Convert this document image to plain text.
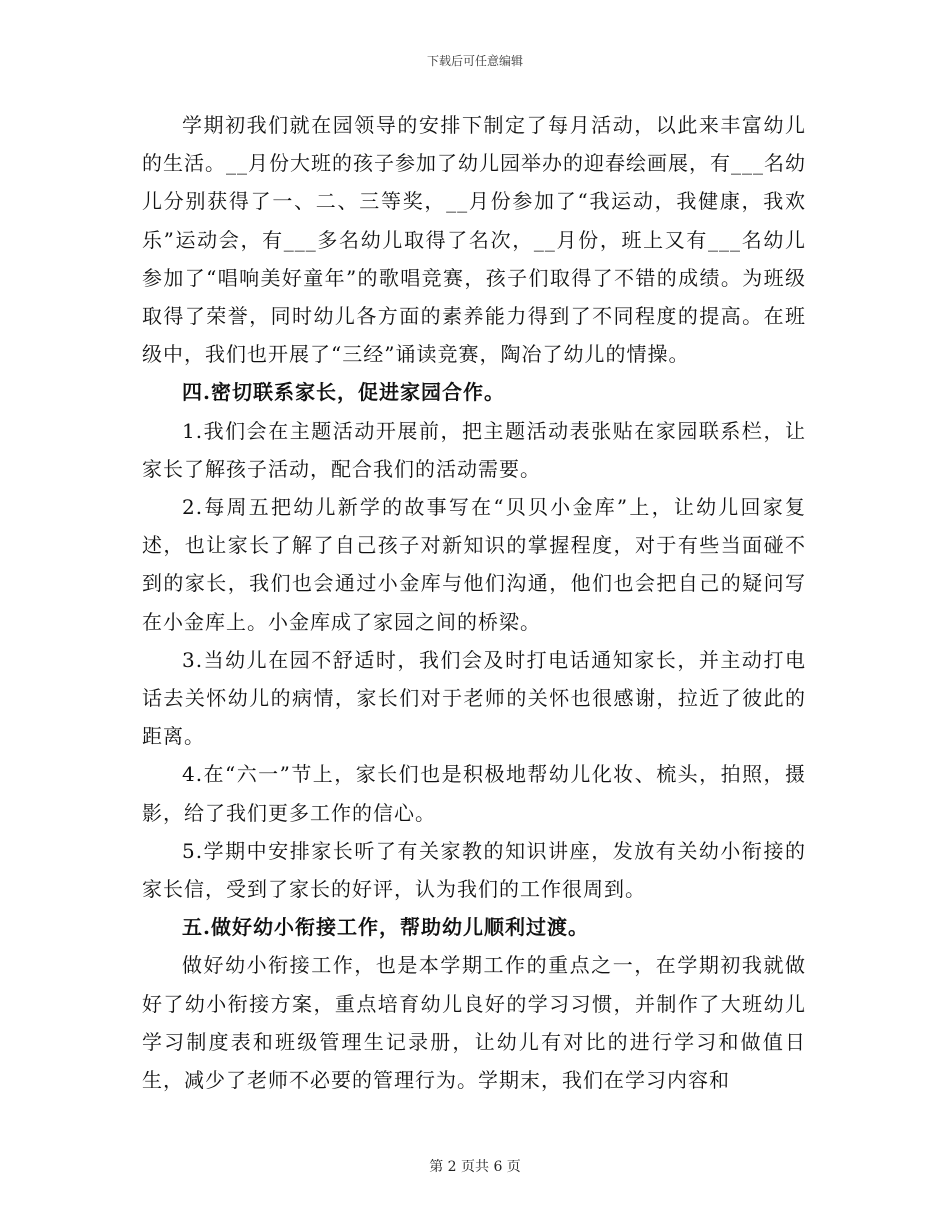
下载后可任意编辑

学期初我们就在园领导的安排下制定了每月活动，以此来丰富幼儿的生活。__月份大班的孩子参加了幼儿园举办的迎春绘画展，有___名幼儿分别获得了一、二、三等奖，__月份参加了“我运动，我健康，我欢乐”运动会，有___多名幼儿取得了名次，__月份，班上又有___名幼儿参加了“唱响美好童年”的歌唱竞赛，孩子们取得了不错的成绩。为班级取得了荣誉，同时幼儿各方面的素养能力得到了不同程度的提高。在班级中，我们也开展了“三经”诵读竞赛，陶冶了幼儿的情操。

四.密切联系家长，促进家园合作。

1.我们会在主题活动开展前，把主题活动表张贴在家园联系栏，让家长了解孩子活动，配合我们的活动需要。

2.每周五把幼儿新学的故事写在“贝贝小金库”上，让幼儿回家复述，也让家长了解了自己孩子对新知识的掌握程度，对于有些当面碰不到的家长，我们也会通过小金库与他们沟通，他们也会把自己的疑问写在小金库上。小金库成了家园之间的桥梁。

3.当幼儿在园不舒适时，我们会及时打电话通知家长，并主动打电话去关怀幼儿的病情，家长们对于老师的关怀也很感谢，拉近了彼此的距离。

4.在“六一”节上，家长们也是积极地帮幼儿化妆、梳头，拍照，摄影，给了我们更多工作的信心。

5.学期中安排家长听了有关家教的知识讲座，发放有关幼小衔接的家长信，受到了家长的好评，认为我们的工作很周到。

五.做好幼小衔接工作，帮助幼儿顺利过渡。

做好幼小衔接工作，也是本学期工作的重点之一，在学期初我就做好了幼小衔接方案，重点培育幼儿良好的学习习惯，并制作了大班幼儿学习制度表和班级管理生记录册，让幼儿有对比的进行学习和做值日生，减少了老师不必要的管理行为。学期末，我们在学习内容和

第 2 页共 6 页
